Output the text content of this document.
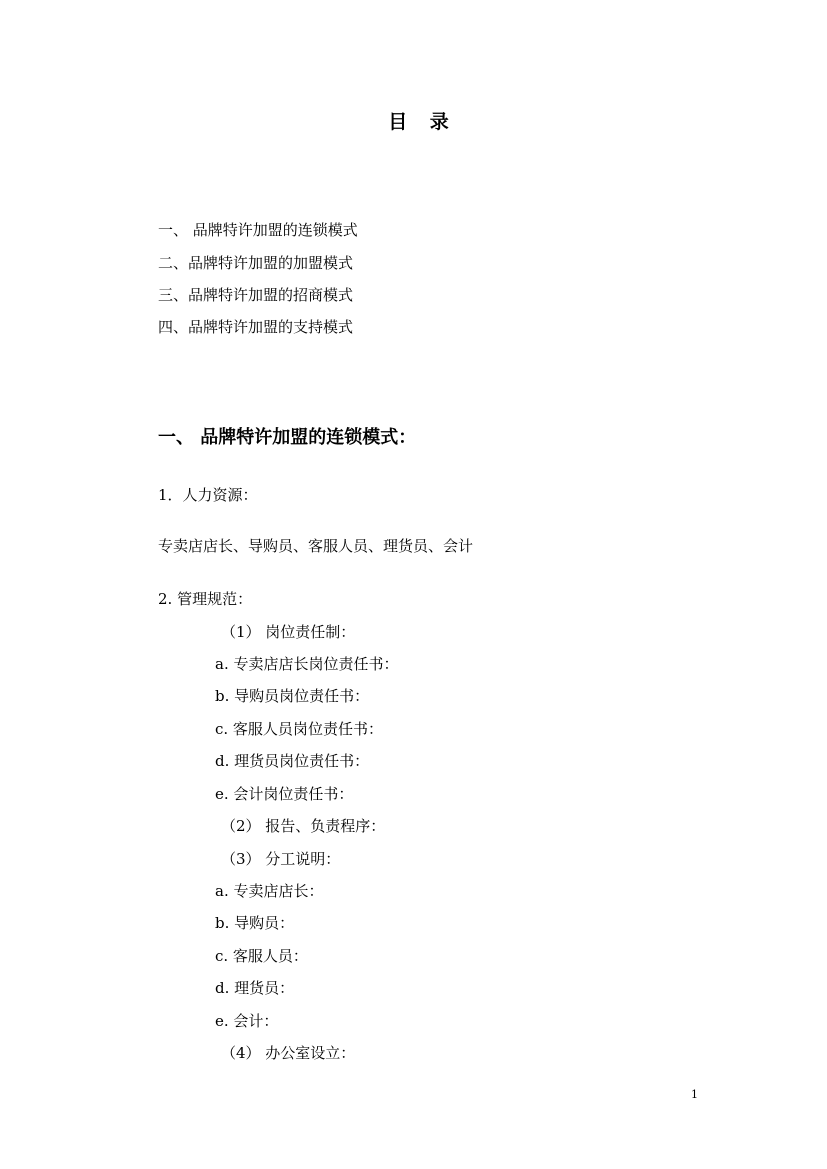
目 录
一、 品牌特许加盟的连锁模式
二、品牌特许加盟的加盟模式
三、品牌特许加盟的招商模式
四、品牌特许加盟的支持模式
一、 品牌特许加盟的连锁模式：
1．人力资源：
专卖店店长、导购员、客服人员、理货员、会计
2. 管理规范：
（1） 岗位责任制：
a. 专卖店店长岗位责任书：
b. 导购员岗位责任书：
c. 客服人员岗位责任书：
d. 理货员岗位责任书：
e. 会计岗位责任书：
（2） 报告、负责程序：
（3） 分工说明：
a. 专卖店店长：
b. 导购员：
c. 客服人员：
d. 理货员：
e. 会计：
（4） 办公室设立：
1
